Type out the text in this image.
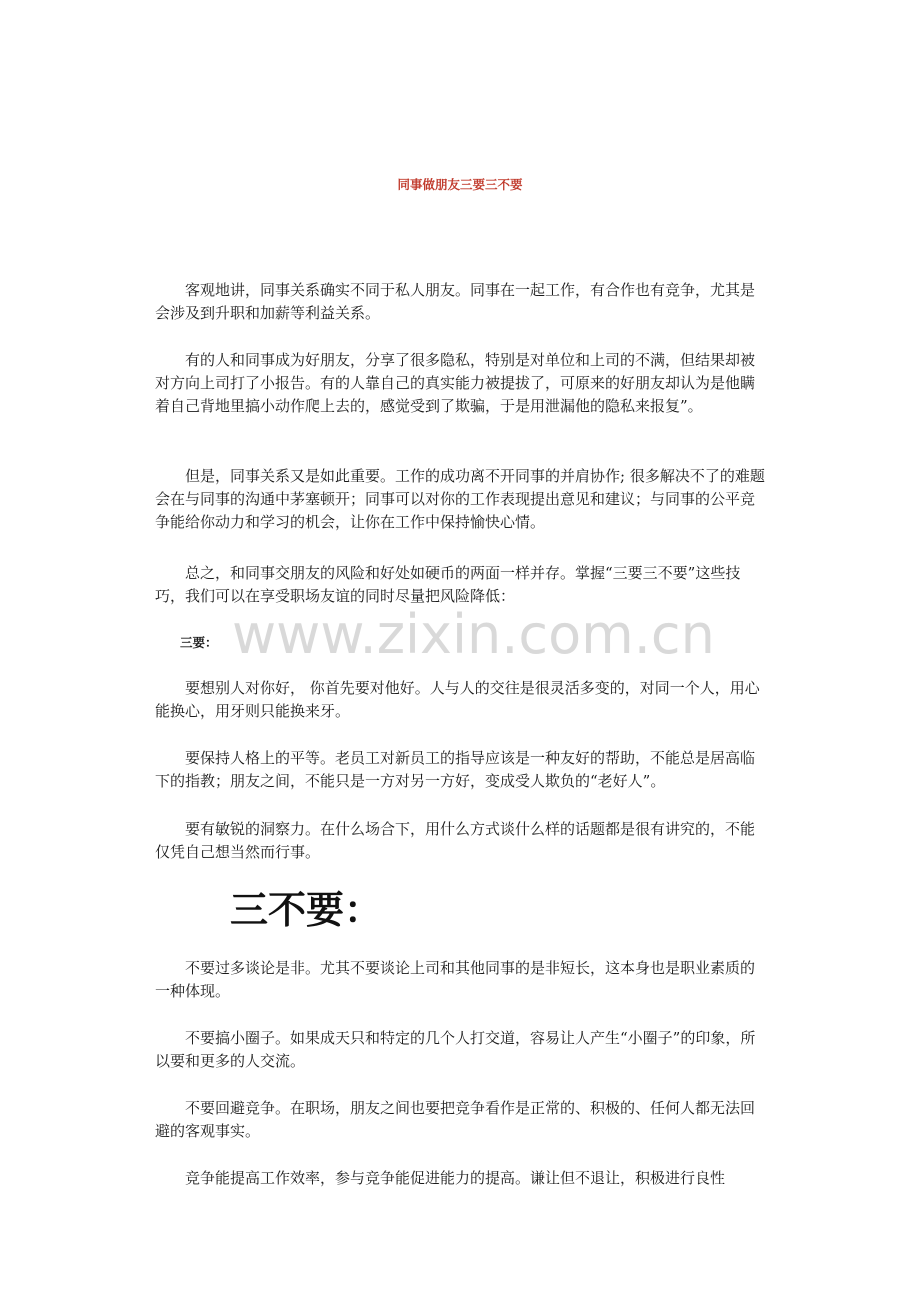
同事做朋友三要三不要
www.zixin.com.cn

客观地讲，同事关系确实不同于私人朋友。同事在一起工作，有合作也有竞争，尤其是会涉及到升职和加薪等利益关系。

有的人和同事成为好朋友，分享了很多隐私，特别是对单位和上司的不满，但结果却被对方向上司打了小报告。有的人靠自己的真实能力被提拔了，可原来的好朋友却认为是他瞒着自己背地里搞小动作爬上去的，感觉受到了欺骗，于是用泄漏他的隐私来报复”。

但是，同事关系又是如此重要。工作的成功离不开同事的并肩协作; 很多解决不了的难题会在与同事的沟通中茅塞顿开；同事可以对你的工作表现提出意见和建议；与同事的公平竞争能给你动力和学习的机会，让你在工作中保持愉快心情。

总之，和同事交朋友的风险和好处如硬币的两面一样并存。掌握“三要三不要”这些技巧，我们可以在享受职场友谊的同时尽量把风险降低：

三要：

要想别人对你好， 你首先要对他好。人与人的交往是很灵活多变的，对同一个人，用心能换心，用牙则只能换来牙。

要保持人格上的平等。老员工对新员工的指导应该是一种友好的帮助，不能总是居高临下的指教；朋友之间，不能只是一方对另一方好，变成受人欺负的“老好人”。

要有敏锐的洞察力。在什么场合下，用什么方式谈什么样的话题都是很有讲究的，不能仅凭自己想当然而行事。

三不要：

不要过多谈论是非。尤其不要谈论上司和其他同事的是非短长，这本身也是职业素质的一种体现。

不要搞小圈子。如果成天只和特定的几个人打交道，容易让人产生“小圈子”的印象，所以要和更多的人交流。

不要回避竞争。在职场，朋友之间也要把竞争看作是正常的、积极的、任何人都无法回避的客观事实。

竞争能提高工作效率，参与竞争能促进能力的提高。谦让但不退让，积极进行良性
